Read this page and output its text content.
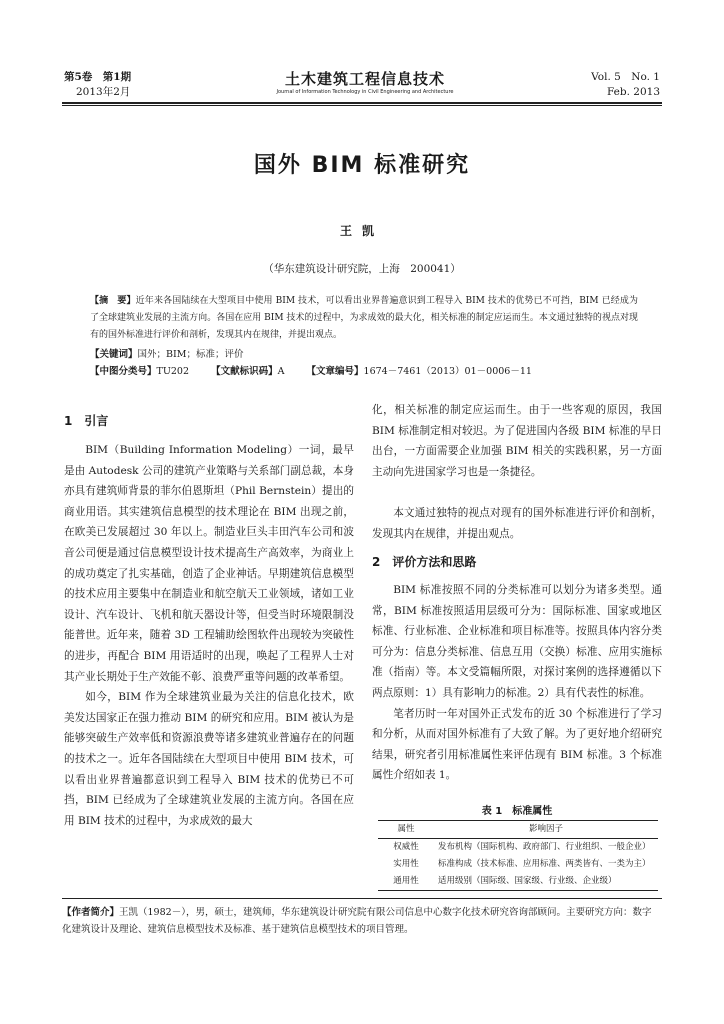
第5卷　第1期
2013年2月
土木建筑工程信息技术
Journal of Information Technology in Civil Engineering and Architecture
Vol. 5　No. 1
Feb. 2013
国外 BIM 标准研究
王凯
（华东建筑设计研究院，上海　200041）
【摘　要】近年来各国陆续在大型项目中使用 BIM 技术，可以看出业界普遍意识到工程导入 BIM 技术的优势已不可挡，BIM 已经成为了全球建筑业发展的主流方向。各国在应用 BIM 技术的过程中，为求成效的最大化，相关标准的制定应运而生。本文通过独特的视点对现有的国外标准进行评价和剖析，发现其内在规律，并提出观点。
【关键词】国外；BIM；标准；评价
【中图分类号】TU202 【文献标识码】A 【文章编号】1674－7461（2013）01－0006－11
1　引言

BIM（Building Information Modeling）一词，最早是由 Autodesk 公司的建筑产业策略与关系部门副总裁，本身亦具有建筑师背景的菲尔伯恩斯坦（Phil Bernstein）提出的商业用语。其实建筑信息模型的技术理论在 BIM 出现之前，在欧美已发展超过 30 年以上。制造业巨头丰田汽车公司和波音公司便是通过信息模型设计技术提高生产高效率，为商业上的成功奠定了扎实基础，创造了企业神话。早期建筑信息模型的技术应用主要集中在制造业和航空航天工业领域，诸如工业设计、汽车设计、飞机和航天器设计等，但受当时环境限制没能普世。近年来，随着 3D 工程辅助绘图软件出现较为突破性的进步，再配合 BIM 用语适时的出现，唤起了工程界人士对其产业长期处于生产效能不彰、浪费严重等问题的改革希望。

如今，BIM 作为全球建筑业最为关注的信息化技术，欧美发达国家正在强力推动 BIM 的研究和应用。BIM 被认为是能够突破生产效率低和资源浪费等诸多建筑业普遍存在的问题的技术之一。近年各国陆续在大型项目中使用 BIM 技术，可以看出业界普遍都意识到工程导入 BIM 技术的优势已不可挡，BIM 已经成为了全球建筑业发展的主流方向。各国在应用 BIM 技术的过程中，为求成效的最大

化，相关标准的制定应运而生。由于一些客观的原因，我国 BIM 标准制定相对较迟。为了促进国内各级 BIM 标准的早日出台，一方面需要企业加强 BIM 相关的实践积累，另一方面主动向先进国家学习也是一条捷径。

本文通过独特的视点对现有的国外标准进行评价和剖析，发现其内在规律，并提出观点。

2　评价方法和思路

BIM 标准按照不同的分类标准可以划分为诸多类型。通常，BIM 标准按照适用层级可分为：国际标准、国家或地区标准、行业标准、企业标准和项目标准等。按照具体内容分类可分为：信息分类标准、信息互用（交换）标准、应用实施标准（指南）等。本文受篇幅所限，对探讨案例的选择遵循以下两点原则：1）具有影响力的标准。2）具有代表性的标准。

笔者历时一年对国外正式发布的近 30 个标准进行了学习和分析，从而对国外标准有了大致了解。为了更好地介绍研究结果，研究者引用标准属性来评估现有 BIM 标准。3 个标准属性介绍如表 1。

表 1　标准属性
属性	影响因子
权威性	发布机构（国际机构、政府部门、行业组织、一般企业）
实用性	标准构成（技术标准、应用标准、两类皆有、一类为主）
通用性	适用级别（国际级、国家级、行业级、企业级）
【作者简介】王凯（1982－），男，硕士，建筑师，华东建筑设计研究院有限公司信息中心数字化技术研究咨询部顾问。主要研究方向：数字化建筑设计及理论、建筑信息模型技术及标准、基于建筑信息模型技术的项目管理。
